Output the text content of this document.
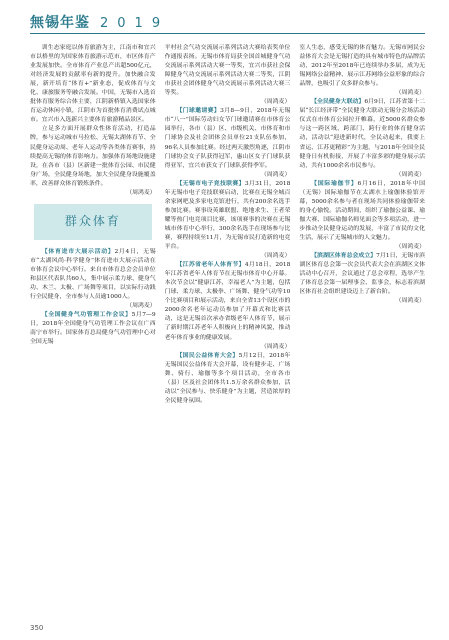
無锡年鉴 2019

训生态家庭以体育旅游为主，江南市和宜兴市以格里的为国家体育旅游示范市，市区体育产业发展加快。全市体育产业总产出超500亿元，对经济发展的贡献率有新的提升。加快融合发展，新开培育“体育+”新业态，促成体育与文化、康旅服务等融合发展。中国，无锡市入选首批体育服务综合体主要，江阴新桥镇入选国家体育运动休闲小镇，江阴市为首批体育消费试点城市。宜兴市入选新兴主要体育旅游精品景区。

立足多方面开展群众性体育活动，打造品牌，参与运动城市马拉松、无锡太湖体育节、全民健身运动周、老年人运动等各类体育赛事，持续提高无锡的体育影响力。加强体育场地设施建设，在各市（县）区新建一批体育公园、市民健身广场，全民健身场地，加大全民健身设施覆盖率，改善群众体育锻炼条件。

（周鸿麦）

群众体育

【体育进市大展示活动】2月4日，无锡市“太湖风尚·科学健身”体育进市大展示活动在市体育会议中心举行。来自市体育总会会员单位和县区代表队共60人，集中展示柔力球、健身气功、木兰、太极、广场舞等项目，以实际行动践行全民健身，全市参与人员逾1000人。

（周鸿麦）

【全国健身气功管理工作会议】5月7—9日，2018年全国健身气功管理工作会议在广西南宁市举行。国家体育总局健身气功管理中心对全国无锡

平村社会气功交流展示系列活动大赛给表奖单位作通报表扬。无锡市体育局获全国首城健身气功交流展示系列活动大赛一等奖，宜兴市获社会保障健身气功交流展示系列活动大赛二等奖，江阴市获社会团体健身气功交流展示系列活动大赛三等奖。

（周鸿麦）

【门球邀请赛】3月8—9日，2018年无锡市“八一”国际劳动妇女节门球邀请赛在市体育公园举行，各市（县）区、市级机关、市体育和市门球协会及社会团体会员单位21支队伍参加，96名人员参加比赛。经过两天激烈角逐，江阴市门球协会女子队获得冠军，惠山区女子门球队获得亚军，宜兴市获女子门球队获得季军。

（周鸿麦）

【无锡市电子竞技联赛】3月31日，2018年无锡市电子竞技联赛启动，比赛在无锡全城百余家网吧及多家电竞馆进行，共有200余名选手参加比赛。赛事设英雄联盟、绝地求生、王者荣耀等热门电竞项目比赛，该项赛事的决赛在无锡城市体育中心举行，300余名选手在现场参与比赛，赛程持续至11月，为无锡市民打造新的电竞平台。

（周鸿麦）

【江苏省老年人体育节】4月18日，2018年江苏省老年人体育节在无锡市体育中心开幕。本次节会以“健康江苏，幸福老人”为主题，包括门球、柔力球、太极拳、广场舞、健身气功等10个比赛项目和展示活动，来自全省13个设区市的2000余名老年运动员参加了开幕式和比赛活动，这是无锡首次承办省级老年人体育节，展示了新时期江苏老年人积极向上的精神风貌，推动老年体育事业的健康发展。

（周鸿麦）

【国民公益体育大会】5月12日，2018年无锡国民公益体育大会开幕，设有健步走、广场舞、骑行、瑜伽等多个项目活动，全市各市（县）区及社会团体共1.5万余名群众参加，活动以“全民参与、快乐健身”为主题，营造浓厚的全民健身氛围。

室人生态，感受无锡的体育魅力。无锡市网民公益体育大会是无锡打造的具有城市特色的品牌活动，2012年至2018年已连续举办多届，成为无锡网络公益精神、展示江苏网络公益形象的综合品牌，也吸引了众多群众参与。

（周鸿麦）

【全民健身大联动】6月9日，江苏省第十二届“长江经济带”全民健身大联动无锡分会场活动仪式在市体育公园拉开帷幕，近5000名群众参与这一跨区域、跨部门、跨行业的体育健身活动，活动以“迎进新时代，全民动起来，我要上省运、江苏更精彩”为主题，与2018年全国全民健身日有机衔接，开展了丰富多彩的健身展示活动，共有1000余名市民参与。

（周鸿麦）

【国际瑜伽节】6月16日，2018年中国（无锡）国际瑜伽节在太湖水上瑜伽体验馆开幕，5000余名参与者在现场共同体验瑜伽带来的身心愉悦。活动期间，组织了瑜伽公益课、瑜伽大赛、国际瑜伽名师见面会等多项活动，进一步推动全民健身运动的发展，丰富了市民的文化生活，展示了无锡城市的人文魅力。

（周鸿麦）

【滨湖区体育总会成立】7月1日，无锡市滨湖区体育总会第一次会员代表大会在滨湖区文体活动中心召开，会议通过了总会章程，选举产生了体育总会第一届理事会、监事会，标志着滨湖区体育社会组织建设迈上了新台阶。

（周鸿麦）

350
